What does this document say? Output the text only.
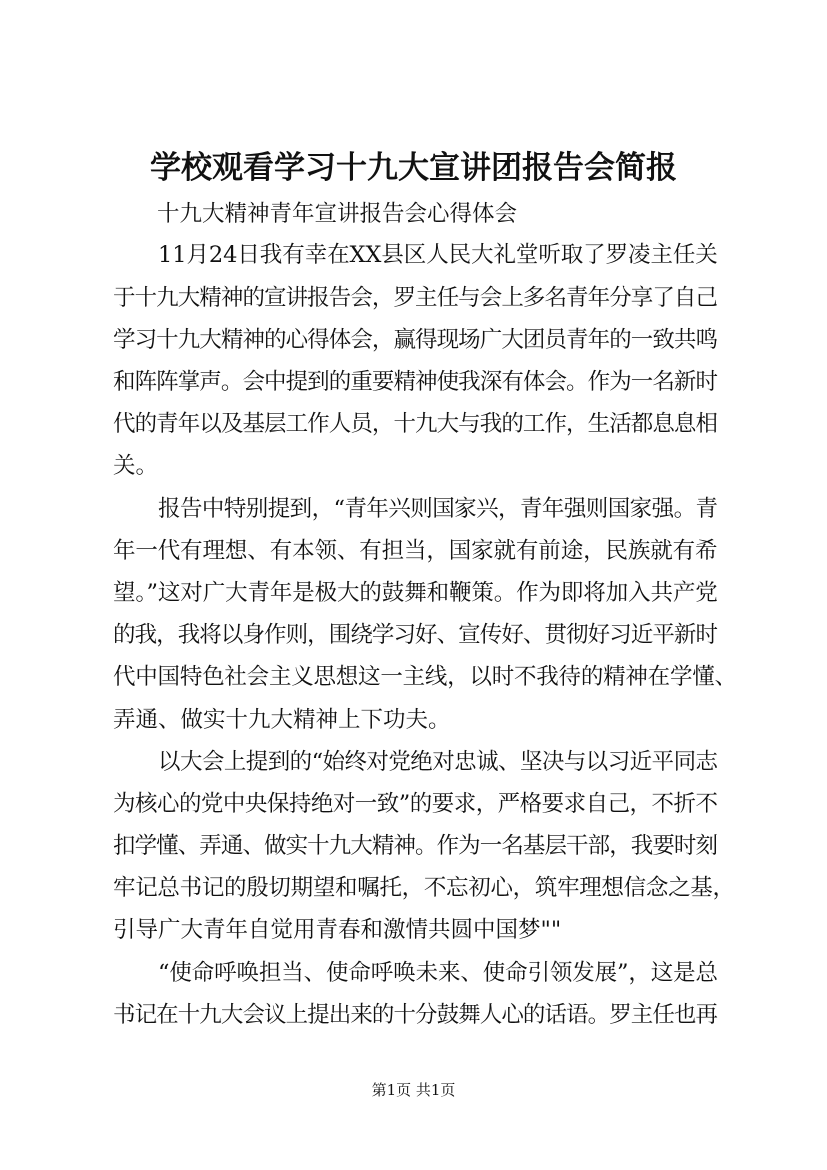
学校观看学习十九大宣讲团报告会简报
十九大精神青年宣讲报告会心得体会
11月24日我有幸在XX县区人民大礼堂听取了罗凌主任关
于十九大精神的宣讲报告会，罗主任与会上多名青年分享了自己
学习十九大精神的心得体会，赢得现场广大团员青年的一致共鸣
和阵阵掌声。会中提到的重要精神使我深有体会。作为一名新时
代的青年以及基层工作人员，十九大与我的工作，生活都息息相
关。
报告中特别提到，“青年兴则国家兴，青年强则国家强。青
年一代有理想、有本领、有担当，国家就有前途，民族就有希
望。”这对广大青年是极大的鼓舞和鞭策。作为即将加入共产党
的我，我将以身作则，围绕学习好、宣传好、贯彻好习近平新时
代中国特色社会主义思想这一主线，以时不我待的精神在学懂、
弄通、做实十九大精神上下功夫。
以大会上提到的“始终对党绝对忠诚、坚决与以习近平同志
为核心的党中央保持绝对一致”的要求，严格要求自己，不折不
扣学懂、弄通、做实十九大精神。作为一名基层干部，我要时刻
牢记总书记的殷切期望和嘱托，不忘初心，筑牢理想信念之基，
引导广大青年自觉用青春和激情共圆中国梦""
“使命呼唤担当、使命呼唤未来、使命引领发展”，这是总
书记在十九大会议上提出来的十分鼓舞人心的话语。罗主任也再
第1页 共1页
